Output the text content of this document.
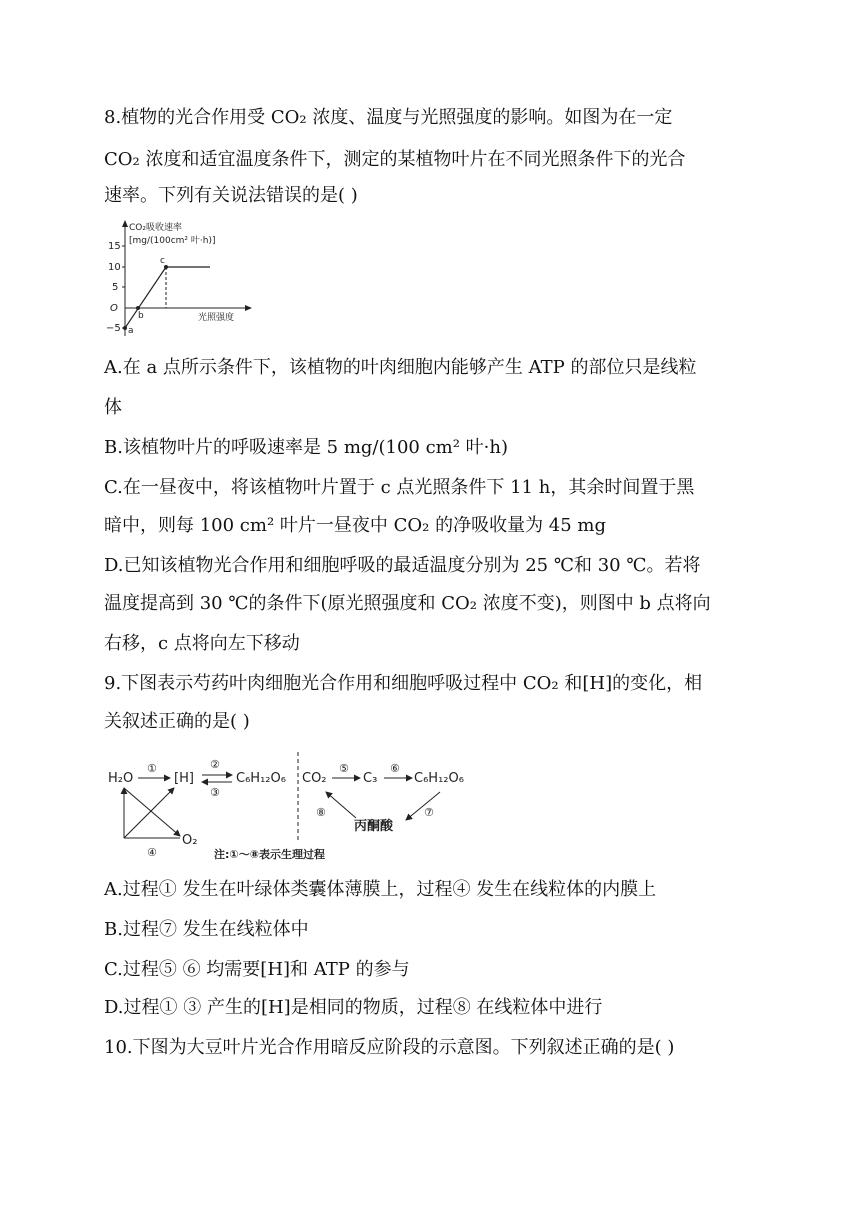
8.植物的光合作用受 CO₂ 浓度、温度与光照强度的影响。如图为在一定
CO₂ 浓度和适宜温度条件下，测定的某植物叶片在不同光照条件下的光合
速率。下列有关说法错误的是( )
15
10
5
O
−5
CO₂吸收速率
[mg/(100cm² 叶·h)]
光照强度
a
b
c
A.在 a 点所示条件下，该植物的叶肉细胞内能够产生 ATP 的部位只是线粒
体
B.该植物叶片的呼吸速率是 5 mg/(100 cm² 叶·h)
C.在一昼夜中，将该植物叶片置于 c 点光照条件下 11 h，其余时间置于黑
暗中，则每 100 cm² 叶片一昼夜中 CO₂ 的净吸收量为 45 mg
D.已知该植物光合作用和细胞呼吸的最适温度分别为 25 ℃和 30 ℃。若将
温度提高到 30 ℃的条件下(原光照强度和 CO₂ 浓度不变)，则图中 b 点将向
右移，c 点将向左下移动
9.下图表示芍药叶肉细胞光合作用和细胞呼吸过程中 CO₂ 和[H]的变化，相
关叙述正确的是( )
H₂O
①
[H]
②
③
C₆H₁₂O₆
O₂
④
CO₂
⑤
C₃
⑥
C₆H₁₂O₆
⑦
丙酮酸
⑧
注:①～⑧表示生理过程
A.过程① 发生在叶绿体类囊体薄膜上，过程④ 发生在线粒体的内膜上
B.过程⑦ 发生在线粒体中
C.过程⑤ ⑥ 均需要[H]和 ATP 的参与
D.过程① ③ 产生的[H]是相同的物质，过程⑧ 在线粒体中进行
10.下图为大豆叶片光合作用暗反应阶段的示意图。下列叙述正确的是( )
